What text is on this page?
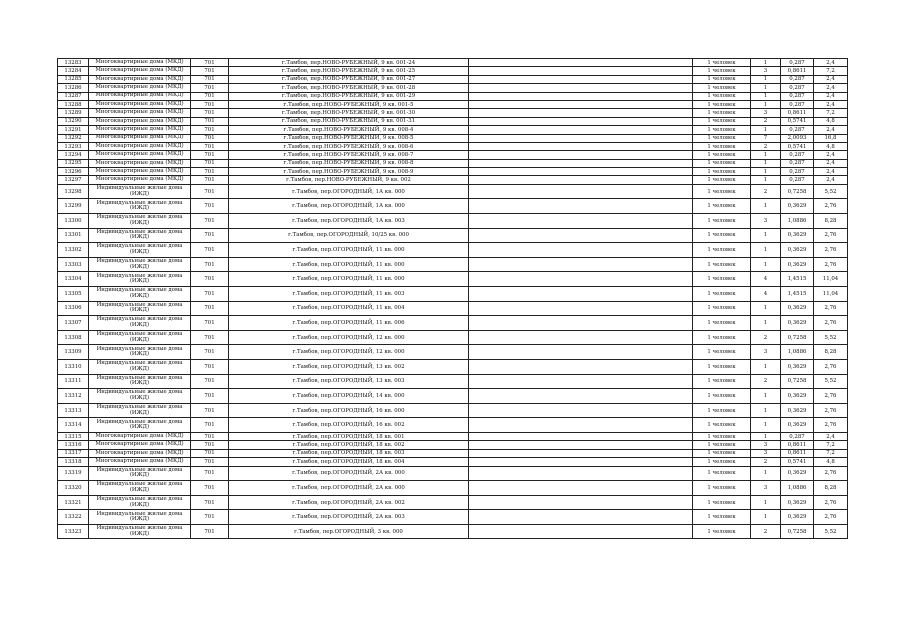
13283	Многоквартирные дома (МКД)	701	г.Тамбов, пер.НОВО-РУБЕЖНЫЙ, 9 кв. 001-24		1 человек	1	0,287	2,4
13284	Многоквартирные дома (МКД)	701	г.Тамбов, пер.НОВО-РУБЕЖНЫЙ, 9 кв. 001-25		1 человек	3	0,8611	7,2
13285	Многоквартирные дома (МКД)	701	г.Тамбов, пер.НОВО-РУБЕЖНЫЙ, 9 кв. 001-27		1 человек	1	0,287	2,4
13286	Многоквартирные дома (МКД)	701	г.Тамбов, пер.НОВО-РУБЕЖНЫЙ, 9 кв. 001-28		1 человек	1	0,287	2,4
13287	Многоквартирные дома (МКД)	701	г.Тамбов, пер.НОВО-РУБЕЖНЫЙ, 9 кв. 001-29		1 человек	1	0,287	2,4
13288	Многоквартирные дома (МКД)	701	г.Тамбов, пер.НОВО-РУБЕЖНЫЙ, 9 кв. 001-5		1 человек	1	0,287	2,4
13289	Многоквартирные дома (МКД)	701	г.Тамбов, пер.НОВО-РУБЕЖНЫЙ, 9 кв. 001-30		1 человек	3	0,8611	7,2
13290	Многоквартирные дома (МКД)	701	г.Тамбов, пер.НОВО-РУБЕЖНЫЙ, 9 кв. 001-31		1 человек	2	0,5741	4,8
13291	Многоквартирные дома (МКД)	701	г.Тамбов, пер.НОВО-РУБЕЖНЫЙ, 9 кв. 008-4		1 человек	1	0,287	2,4
13292	Многоквартирные дома (МКД)	701	г.Тамбов, пер.НОВО-РУБЕЖНЫЙ, 9 кв. 008-5		1 человек	7	2,0093	16,8
13293	Многоквартирные дома (МКД)	701	г.Тамбов, пер.НОВО-РУБЕЖНЫЙ, 9 кв. 008-6		1 человек	2	0,5741	4,8
13294	Многоквартирные дома (МКД)	701	г.Тамбов, пер.НОВО-РУБЕЖНЫЙ, 9 кв. 008-7		1 человек	1	0,287	2,4
13295	Многоквартирные дома (МКД)	701	г.Тамбов, пер.НОВО-РУБЕЖНЫЙ, 9 кв. 008-8		1 человек	1	0,287	2,4
13296	Многоквартирные дома (МКД)	701	г.Тамбов, пер.НОВО-РУБЕЖНЫЙ, 9 кв. 008-9		1 человек	1	0,287	2,4
13297	Многоквартирные дома (МКД)	701	г.Тамбов, пер.НОВО-РУБЕЖНЫЙ, 9 кв. 002		1 человек	1	0,287	2,4
13298	Индивидуальные жилые дома (ИЖД)	701	г.Тамбов, пер.ОГОРОДНЫЙ, 1А кв. 000		1 человек	2	0,7258	5,52
13299	Индивидуальные жилые дома (ИЖД)	701	г.Тамбов, пер.ОГОРОДНЫЙ, 1А кв. 000		1 человек	1	0,3629	2,76
13300	Индивидуальные жилые дома (ИЖД)	701	г.Тамбов, пер.ОГОРОДНЫЙ, 1А кв. 003		1 человек	3	1,0886	8,28
13301	Индивидуальные жилые дома (ИЖД)	701	г.Тамбов, пер.ОГОРОДНЫЙ, 10/25 кв. 000		1 человек	1	0,3629	2,76
13302	Индивидуальные жилые дома (ИЖД)	701	г.Тамбов, пер.ОГОРОДНЫЙ, 11 кв. 000		1 человек	1	0,3629	2,76
13303	Индивидуальные жилые дома (ИЖД)	701	г.Тамбов, пер.ОГОРОДНЫЙ, 11 кв. 000		1 человек	1	0,3629	2,76
13304	Индивидуальные жилые дома (ИЖД)	701	г.Тамбов, пер.ОГОРОДНЫЙ, 11 кв. 000		1 человек	4	1,4515	11,04
13305	Индивидуальные жилые дома (ИЖД)	701	г.Тамбов, пер.ОГОРОДНЫЙ, 11 кв. 003		1 человек	4	1,4515	11,04
13306	Индивидуальные жилые дома (ИЖД)	701	г.Тамбов, пер.ОГОРОДНЫЙ, 11 кв. 004		1 человек	1	0,3629	2,76
13307	Индивидуальные жилые дома (ИЖД)	701	г.Тамбов, пер.ОГОРОДНЫЙ, 11 кв. 006		1 человек	1	0,3629	2,76
13308	Индивидуальные жилые дома (ИЖД)	701	г.Тамбов, пер.ОГОРОДНЫЙ, 12 кв. 000		1 человек	2	0,7258	5,52
13309	Индивидуальные жилые дома (ИЖД)	701	г.Тамбов, пер.ОГОРОДНЫЙ, 12 кв. 000		1 человек	3	1,0886	8,28
13310	Индивидуальные жилые дома (ИЖД)	701	г.Тамбов, пер.ОГОРОДНЫЙ, 13 кв. 002		1 человек	1	0,3629	2,76
13311	Индивидуальные жилые дома (ИЖД)	701	г.Тамбов, пер.ОГОРОДНЫЙ, 13 кв. 003		1 человек	2	0,7258	5,52
13312	Индивидуальные жилые дома (ИЖД)	701	г.Тамбов, пер.ОГОРОДНЫЙ, 14 кв. 000		1 человек	1	0,3629	2,76
13313	Индивидуальные жилые дома (ИЖД)	701	г.Тамбов, пер.ОГОРОДНЫЙ, 16 кв. 000		1 человек	1	0,3629	2,76
13314	Индивидуальные жилые дома (ИЖД)	701	г.Тамбов, пер.ОГОРОДНЫЙ, 16 кв. 002		1 человек	1	0,3629	2,76
13315	Многоквартирные дома (МКД)	701	г.Тамбов, пер.ОГОРОДНЫЙ, 18 кв. 001		1 человек	1	0,287	2,4
13316	Многоквартирные дома (МКД)	701	г.Тамбов, пер.ОГОРОДНЫЙ, 18 кв. 002		1 человек	3	0,8611	7,2
13317	Многоквартирные дома (МКД)	701	г.Тамбов, пер.ОГОРОДНЫЙ, 18 кв. 003		1 человек	3	0,8611	7,2
13318	Многоквартирные дома (МКД)	701	г.Тамбов, пер.ОГОРОДНЫЙ, 18 кв. 004		1 человек	2	0,5741	4,8
13319	Индивидуальные жилые дома (ИЖД)	701	г.Тамбов, пер.ОГОРОДНЫЙ, 2А кв. 000		1 человек	1	0,3629	2,76
13320	Индивидуальные жилые дома (ИЖД)	701	г.Тамбов, пер.ОГОРОДНЫЙ, 2А кв. 000		1 человек	3	1,0886	8,28
13321	Индивидуальные жилые дома (ИЖД)	701	г.Тамбов, пер.ОГОРОДНЫЙ, 2А кв. 002		1 человек	1	0,3629	2,76
13322	Индивидуальные жилые дома (ИЖД)	701	г.Тамбов, пер.ОГОРОДНЫЙ, 2А кв. 003		1 человек	1	0,3629	2,76
13323	Индивидуальные жилые дома (ИЖД)	701	г.Тамбов, пер.ОГОРОДНЫЙ, 3 кв. 000		1 человек	2	0,7258	5,52
